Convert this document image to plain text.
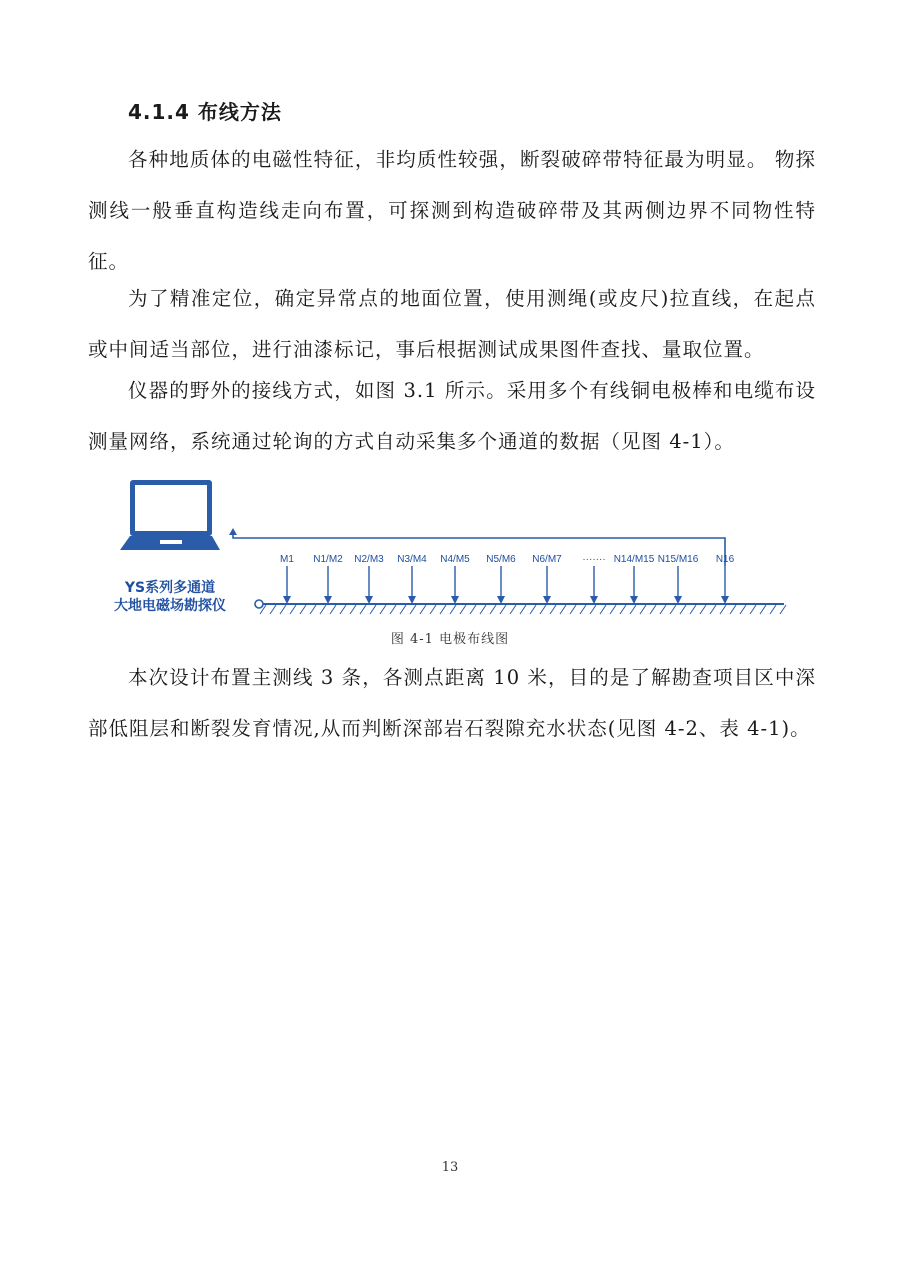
4.1.4 布线方法

各种地质体的电磁性特征，非均质性较强，断裂破碎带特征最为明显。 物探测线一般垂直构造线走向布置，可探测到构造破碎带及其两侧边界不同物性特征。

为了精准定位，确定异常点的地面位置，使用测绳(或皮尺)拉直线，在起点或中间适当部位，进行油漆标记，事后根据测试成果图件查找、量取位置。

仪器的野外的接线方式，如图 3.1 所示。采用多个有线铜电极棒和电缆布设测量网络，系统通过轮询的方式自动采集多个通道的数据（见图 4-1）。

YS系列多通道
大地电磁场勘探仪
M1 N1/M2 N2/M3 N3/M4 N4/M5 N5/M6 N6/M7 ······· N14/M15 N15/M16 N16
图 4-1 电极布线图

本次设计布置主测线 3 条，各测点距离 10 米，目的是了解勘查项目区中深部低阻层和断裂发育情况,从而判断深部岩石裂隙充水状态(见图 4-2、表 4-1)。

13
